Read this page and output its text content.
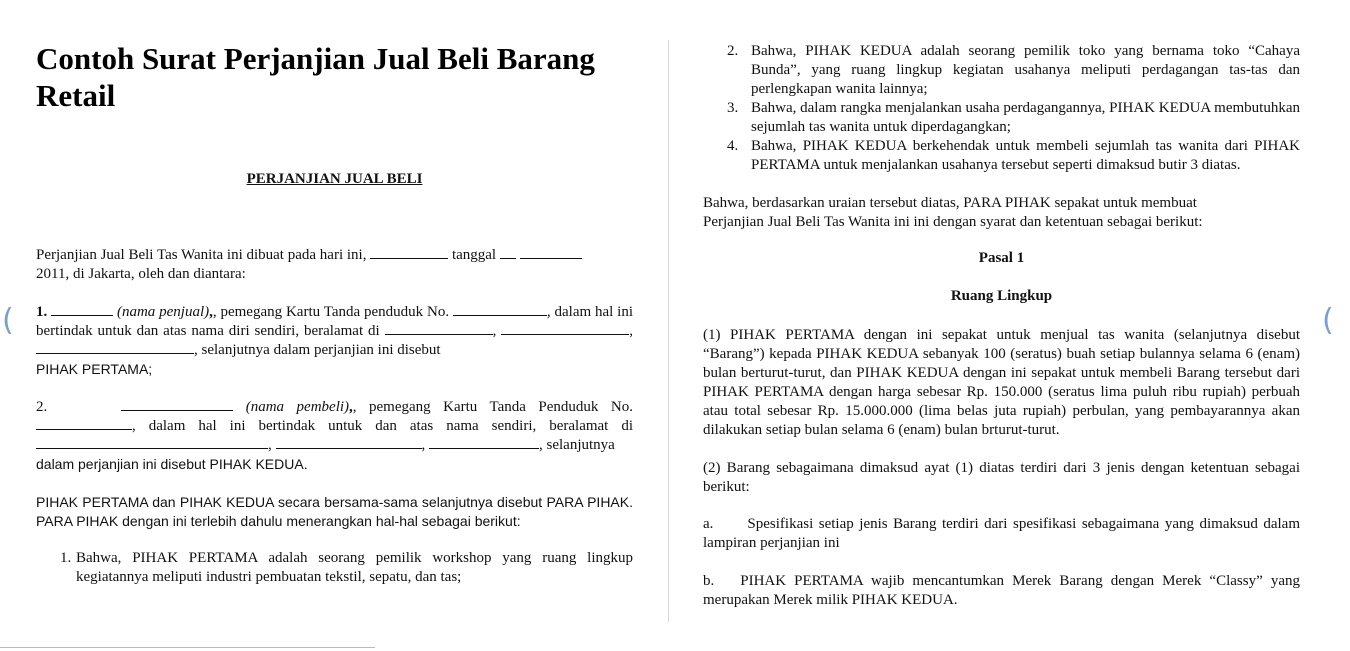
(	(
Contoh Surat Perjanjian Jual Beli Barang Retail
PERJANJIAN JUAL BELI
Perjanjian Jual Beli Tas Wanita ini dibuat pada hari ini,	tanggal
2011, di Jakarta, oleh dan diantara:
1.	(nama penjual),, pemegang Kartu Tanda penduduk No.	, dalam hal ini bertindak untuk dan atas nama diri sendiri, beralamat di	,	, , selanjutnya dalam perjanjian ini disebut
PIHAK PERTAMA;
2.	(nama pembeli),, pemegang Kartu Tanda Penduduk No. , dalam hal ini bertindak untuk dan atas nama sendiri, beralamat di ,	,	, selanjutnya
dalam perjanjian ini disebut PIHAK KEDUA.
PIHAK PERTAMA dan PIHAK KEDUA secara bersama-sama selanjutnya disebut PARA PIHAK. PARA PIHAK dengan ini terlebih dahulu menerangkan hal-hal sebagai berikut:
1. Bahwa, PIHAK PERTAMA adalah seorang pemilik workshop yang ruang lingkup kegiatannya meliputi industri pembuatan tekstil, sepatu, dan tas;
2. Bahwa, PIHAK KEDUA adalah seorang pemilik toko yang bernama toko “Cahaya Bunda”, yang ruang lingkup kegiatan usahanya meliputi perdagangan tas-tas dan perlengkapan wanita lainnya;
3. Bahwa, dalam rangka menjalankan usaha perdagangannya, PIHAK KEDUA membutuhkan sejumlah tas wanita untuk diperdagangkan;
4. Bahwa, PIHAK KEDUA berkehendak untuk membeli sejumlah tas wanita dari PIHAK PERTAMA untuk menjalankan usahanya tersebut seperti dimaksud butir 3 diatas.
Bahwa, berdasarkan uraian tersebut diatas, PARA PIHAK sepakat untuk membuat
Perjanjian Jual Beli Tas Wanita ini ini dengan syarat dan ketentuan sebagai berikut:
Pasal 1
Ruang Lingkup
(1) PIHAK PERTAMA dengan ini sepakat untuk menjual tas wanita (selanjutnya disebut “Barang”) kepada PIHAK KEDUA sebanyak 100 (seratus) buah setiap bulannya selama 6 (enam) bulan berturut-turut, dan PIHAK KEDUA dengan ini sepakat untuk membeli Barang tersebut dari PIHAK PERTAMA dengan harga sebesar Rp. 150.000 (seratus lima puluh ribu rupiah) perbuah atau total sebesar Rp. 15.000.000 (lima belas juta rupiah) perbulan, yang pembayarannya akan dilakukan setiap bulan selama 6 (enam) bulan brturut-turut.
(2) Barang sebagaimana dimaksud ayat (1) diatas terdiri dari 3 jenis dengan ketentuan sebagai berikut:
a. Spesifikasi setiap jenis Barang terdiri dari spesifikasi sebagaimana yang dimaksud dalam lampiran perjanjian ini
b. PIHAK PERTAMA wajib mencantumkan Merek Barang dengan Merek “Classy” yang merupakan Merek milik PIHAK KEDUA.
